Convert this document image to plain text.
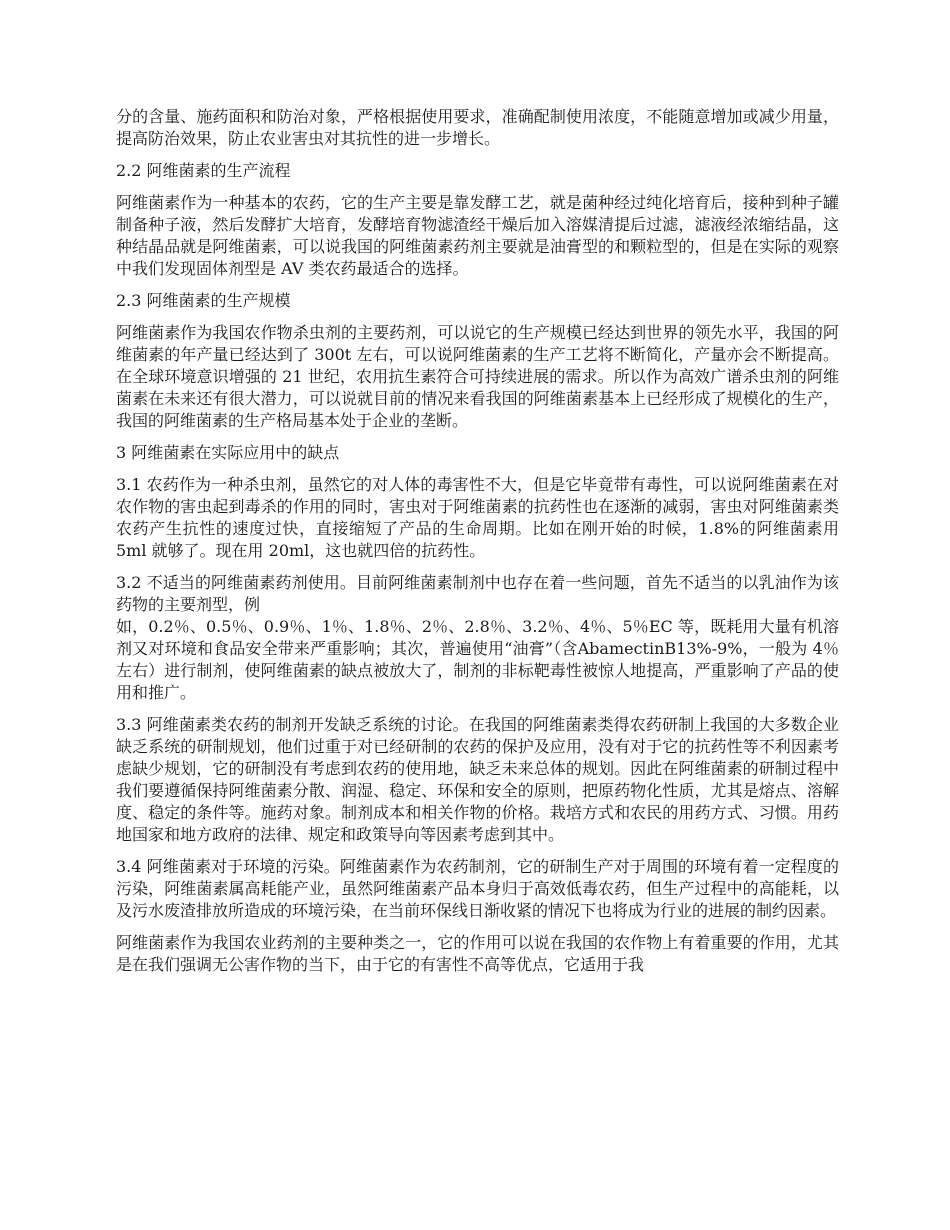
分的含量、施药面积和防治对象，严格根据使用要求，准确配制使用浓度，不能随意增加或减少用量，提高防治效果，防止农业害虫对其抗性的进一步增长。

2.2 阿维菌素的生产流程

阿维菌素作为一种基本的农药，它的生产主要是靠发酵工艺，就是菌种经过纯化培育后，接种到种子罐制备种子液，然后发酵扩大培育，发酵培育物滤渣经干燥后加入溶媒清提后过滤，滤液经浓缩结晶，这种结晶品就是阿维菌素，可以说我国的阿维菌素药剂主要就是油膏型的和颗粒型的，但是在实际的观察中我们发现固体剂型是 AV 类农药最适合的选择。

2.3 阿维菌素的生产规模

阿维菌素作为我国农作物杀虫剂的主要药剂，可以说它的生产规模已经达到世界的领先水平，我国的阿维菌素的年产量已经达到了 300t 左右，可以说阿维菌素的生产工艺将不断简化，产量亦会不断提高。在全球环境意识增强的 21 世纪，农用抗生素符合可持续进展的需求。所以作为高效广谱杀虫剂的阿维菌素在未来还有很大潜力，可以说就目前的情况来看我国的阿维菌素基本上已经形成了规模化的生产，我国的阿维菌素的生产格局基本处于企业的垄断。

3 阿维菌素在实际应用中的缺点

3.1 农药作为一种杀虫剂，虽然它的对人体的毒害性不大，但是它毕竟带有毒性，可以说阿维菌素在对农作物的害虫起到毒杀的作用的同时，害虫对于阿维菌素的抗药性也在逐渐的减弱，害虫对阿维菌素类农药产生抗性的速度过快，直接缩短了产品的生命周期。比如在刚开始的时候，1.8%的阿维菌素用 5ml 就够了。现在用 20ml，这也就四倍的抗药性。

3.2 不适当的阿维菌素药剂使用。目前阿维菌素制剂中也存在着一些问题，首先不适当的以乳油作为该药物的主要剂型，例
如，0.2％、0.5％、0.9％、1％、1.8％、2％、2.8％、3.2％、4％、5％EC 等，既耗用大量有机溶剂又对环境和食品安全带来严重影响；其次，普遍使用“油膏”（含AbamectinB13%-9%，一般为 4％左右）进行制剂，使阿维菌素的缺点被放大了，制剂的非标靶毒性被惊人地提高，严重影响了产品的使用和推广。

3.3 阿维菌素类农药的制剂开发缺乏系统的讨论。在我国的阿维菌素类得农药研制上我国的大多数企业缺乏系统的研制规划，他们过重于对已经研制的农药的保护及应用，没有对于它的抗药性等不利因素考虑缺少规划，它的研制没有考虑到农药的使用地，缺乏未来总体的规划。因此在阿维菌素的研制过程中我们要遵循保持阿维菌素分散、润湿、稳定、环保和安全的原则，把原药物化性质，尤其是熔点、溶解度、稳定的条件等。施药对象。制剂成本和相关作物的价格。栽培方式和农民的用药方式、习惯。用药地国家和地方政府的法律、规定和政策导向等因素考虑到其中。

3.4 阿维菌素对于环境的污染。阿维菌素作为农药制剂，它的研制生产对于周围的环境有着一定程度的污染，阿维菌素属高耗能产业，虽然阿维菌素产品本身归于高效低毒农药，但生产过程中的高能耗，以及污水废渣排放所造成的环境污染，在当前环保线日渐收紧的情况下也将成为行业的进展的制约因素。

阿维菌素作为我国农业药剂的主要种类之一，它的作用可以说在我国的农作物上有着重要的作用，尤其是在我们强调无公害作物的当下，由于它的有害性不高等优点，它适用于我
